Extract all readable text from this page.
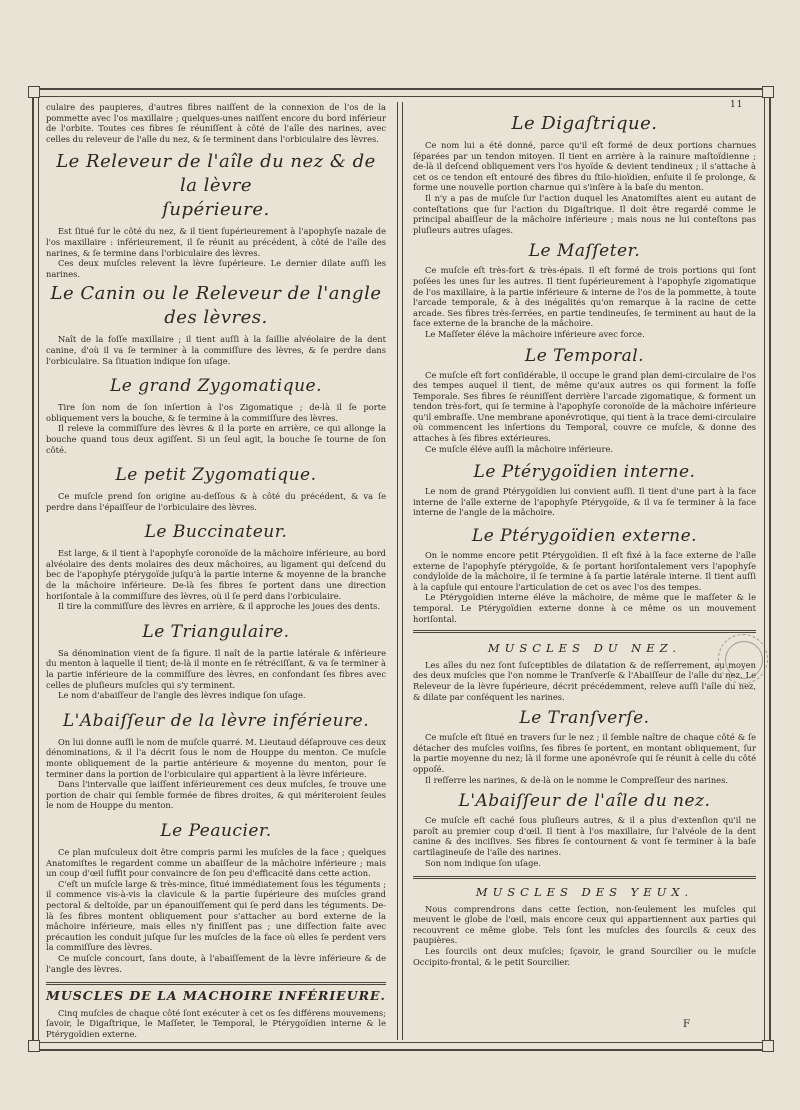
11

culaire des paupieres, d'autres fibres naiſſent de la connexion de l'os de la pommette avec l'os maxillaire ; quelques-unes naiſſent encore du bord inférieur de l'orbite. Toutes ces fibres ſe réuniſſent à côté de l'aîle des narines, avec celles du releveur de l'aîle du nez, & ſe terminent dans l'orbiculaire des lèvres.

Le Releveur de l'aîle du nez & de la lèvre
ſupérieure.

Est ſitué ſur le côté du nez, & il tient ſupérieurement à l'apophyſe nazale de l'os maxillaire : inférieurement, il ſe réunit au précédent, à côté de l'aîle des narines, & ſe termine dans l'orbiculaire des lèvres.

Ces deux muſcles relevent la lèvre ſupérieure. Le dernier dilate auſſi les narines.

Le Canin ou le Releveur de l'angle des lèvres.

Naît de la foſſe maxillaire ; il tient auſſi à la ſaillie alvéolaire de la dent canine, d'où il va ſe terminer à la commiſſure des lèvres, & ſe perdre dans l'orbiculaire. Sa ſituation indique ſon uſage.

Le grand Zygomatique.

Tire ſon nom de ſon inſertion à l'os Zigomatique ; de-là il ſe porte obliquement vers la bouche, & ſe termine à la commiſſure des lèvres.

Il releve la commiſſure des lèvres & il la porte en arrière, ce qui allonge la bouche quand tous deux agiſſent. Si un ſeul agit, la bouche ſe tourne de ſon côté.

Le petit Zygomatique.

Ce muſcle prend ſon origine au-deſſous & à côté du précédent, & va ſe perdre dans l'épaiſſeur de l'orbiculaire des lèvres.

Le Buccinateur.

Est large, & il tient à l'apophyſe coronoïde de la mâchoire inférieure, au bord alvéolaire des dents molaires des deux mâchoires, au ligament qui deſcend du bec de l'apophyſe ptérygoïde juſqu'à la partie interne & moyenne de la branche de la mâchoire inférieure. De-là ſes fibres ſe portent dans une direction horiſontale à la commiſſure des lèvres, où il ſe perd dans l'orbiculaire.

Il tire la commiſſure des lèvres en arrière, & il approche les joues des dents.

Le Triangulaire.

Sa dénomination vient de ſa figure. Il naît de la partie latérale & inférieure du menton à laquelle il tient; de-là il monte en ſe rétréciſſant, & va ſe terminer à la partie inférieure de la commiſſure des lèvres, en confondant ſes fibres avec celles de pluſieurs muſcles qui s'y terminent.

Le nom d'abaiſſeur de l'angle des lèvres indique ſon uſage.

L'Abaiſſeur de la lèvre inférieure.

On lui donne auſſi le nom de muſcle quarré. M. Lieutaud déſaprouve ces deux dénominations, & il l'a décrit ſous le nom de Houppe du menton. Ce muſcle monte obliquement de la partie antérieure & moyenne du menton, pour ſe terminer dans la portion de l'orbiculaire qui appartient à la lèvre inférieure.

Dans l'intervalle que laiſſent inférieurement ces deux muſcles, ſe trouve une portion de chair qui ſemble formée de fibres droites, & qui mériteroient ſeules le nom de Houppe du menton.

Le Peaucier.

Ce plan muſculeux doit être compris parmi les muſcles de la face ; quelques Anatomiſtes le regardent comme un abaiſſeur de la mâchoire inférieure ; mais un coup d'œil ſuffit pour convaincre de ſon peu d'efficacité dans cette action.

C'eſt un muſcle large & très-mince, ſitué immédiatement ſous les téguments ; il commence vis-à-vis la clavicule & la partie ſupérieure des muſcles grand pectoral & deltoïde, par un épanouiſſement qui ſe perd dans les téguments. De-là ſes fibres montent obliquement pour s'attacher au bord externe de la mâchoire inférieure, mais elles n'y finiſſent pas ; une diſſection faite avec précaution les conduit juſque ſur les muſcles de la face où elles ſe perdent vers la commiſſure des lèvres.

Ce muſcle concourt, ſans doute, à l'abaiſſement de la lèvre inférieure & de l'angle des lèvres.

MUSCLES DE LA MACHOIRE INFÉRIEURE.

Cinq muſcles de chaque côté ſont exécuter à cet os ſes différens mouvemens; ſavoir, le Digaſtrique, le Maſſeter, le Temporal, le Ptérygoïdien interne & le Ptérygoïdien externe.

Le Digaſtrique.

Ce nom lui a été donné, parce qu'il eſt formé de deux portions charnues ſéparées par un tendon mitoyen. Il tient en arrière à la rainure maſtoïdienne ; de-là il deſcend obliquement vers l'os hyoïde & devient tendineux ; il s'attache à cet os ce tendon eſt entouré des fibres du ſtilo-hioïdien, enſuite il ſe prolonge, & forme une nouvelle portion charnue qui s'inſère à la baſe du menton.

Il n'y a pas de muſcle ſur l'action duquel les Anatomiſtes aient eu autant de conteſtations que ſur l'action du Digaſtrique. Il doit être regardé comme le principal abaiſſeur de la mâchoire inférieure ; mais nous ne lui conteſtons pas pluſieurs autres uſages.

Le Maſſeter.

Ce muſcle eſt très-fort & très-épais. Il eſt formé de trois portions qui ſont poſées les unes ſur les autres. Il tient ſupérieurement à l'apophyſe zigomatique de l'os maxillaire, à la partie inférieure & interne de l'os de la pommette, à toute l'arcade temporale, & à des inégalités qu'on remarque à la racine de cette arcade. Ses fibres très-ſerrées, en partie tendineuſes, ſe terminent au haut de la face externe de la branche de la mâchoire.

Le Maſſeter éléve la mâchoire inférieure avec force.

Le Temporal.

Ce muſcle eſt fort conſidérable, il occupe le grand plan demi-circulaire de l'os des tempes auquel il tient, de même qu'aux autres os qui forment la foſſe Temporale. Ses fibres ſe réuniſſent derrière l'arcade zigomatique, & forment un tendon très-fort, qui ſe termine à l'apophyſe coronoïde de la mâchoire inférieure qu'il embraſſe. Une membrane aponévrotique, qui tient à la trace demi-circulaire où commencent les inſertions du Temporal, couvre ce muſcle, & donne des attaches à ſes fibres extérieures.

Ce muſcle éléve auſſi la mâchoire inférieure.

Le Ptérygoïdien interne.

Le nom de grand Ptérygoïdien lui convient auſſi. Il tient d'une part à la face interne de l'aîle externe de l'apophyſe Ptérygoïde, & il va ſe terminer à la face interne de l'angle de la mâchoire.

Le Ptérygoïdien externe.

On le nomme encore petit Ptérygoïdien. Il eſt fixé à la face externe de l'aîle externe de l'apophyſe ptérygoïde, & ſe portant horiſontalement vers l'apophyſe condyloïde de la mâchoire, il ſe termine à ſa partie latérale interne. Il tient auſſi à la capſule qui entoure l'articulation de cet os avec l'os des tempes.

Le Ptérygoïdien interne éléve la mâchoire, de même que le maſſeter & le temporal. Le Ptérygoïdien externe donne à ce même os un mouvement horiſontal.

MUSCLES DU NEZ.

Les aîles du nez ſont ſuſceptibles de dilatation & de reſſerrement, au moyen des deux muſcles que l'on nomme le Tranſverſe & l'Abaiſſeur de l'aîle du nez. Le Releveur de la lèvre ſupérieure, décrit précédemment, releve auſſi l'aîle du nez, & dilate par conſéquent les narines.

Le Tranſverſe.

Ce muſcle eſt ſitué en travers ſur le nez ; il ſemble naître de chaque côté & ſe détacher des muſcles voiſins, ſes fibres ſe portent, en montant obliquement, ſur la partie moyenne du nez; là il forme une aponévroſe qui ſe réunit à celle du côté oppoſé.

Il reſſerre les narines, & de-là on le nomme le Compreſſeur des narines.

L'Abaiſſeur de l'aîle du nez.

Ce muſcle eſt caché ſous pluſieurs autres, & il a plus d'extenſion qu'il ne paroît au premier coup d'œil. Il tient à l'os maxillaire, ſur l'alvéole de la dent canine & des inciſives. Ses fibres ſe contournent & vont ſe terminer à la baſe cartilagineuſe de l'aîle des narines.

Son nom indique ſon uſage.

MUSCLES DES YEUX.

Nous comprendrons dans cette ſection, non-ſeulement les muſcles qui meuvent le globe de l'œil, mais encore ceux qui appartiennent aux parties qui recouvrent ce même globe. Tels ſont les muſcles des ſourcils & ceux des paupières.

Les ſourcils ont deux muſcles; ſçavoir, le grand Sourcilier ou le muſcle Occipito-frontal, & le petit Sourcilier.

F
